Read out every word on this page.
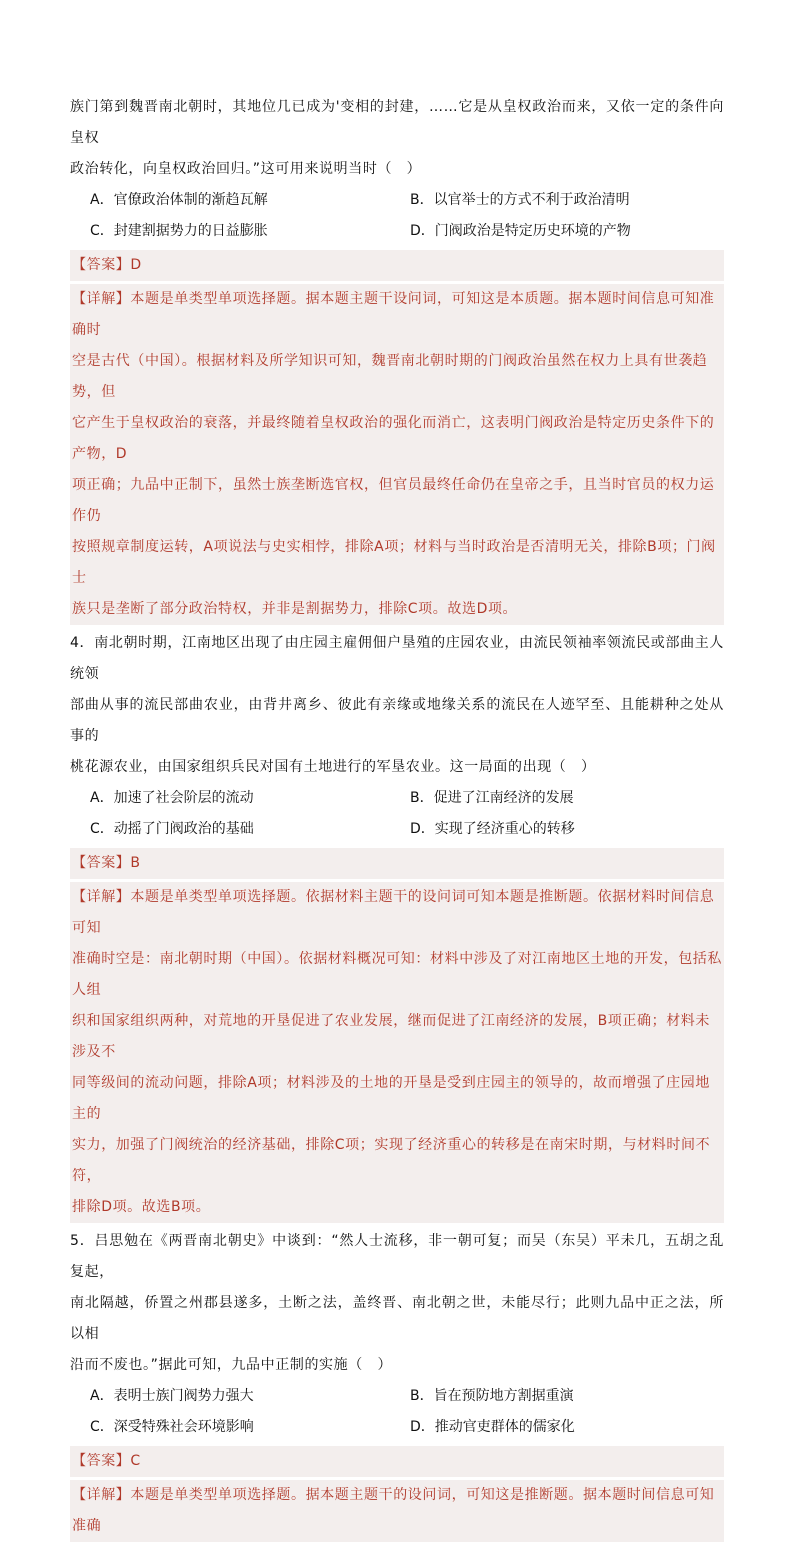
族门第到魏晋南北朝时，其地位几已成为'变相的封建，……它是从皇权政治而来，又依一定的条件向皇权

政治转化，向皇权政治回归。”这可用来说明当时（　）

A．官僚政治体制的渐趋瓦解	B．以官举士的方式不利于政治清明
C．封建割据势力的日益膨胀	D．门阀政治是特定历史环境的产物

【答案】D

【详解】本题是单类型单项选择题。据本题主题干设问词，可知这是本质题。据本题时间信息可知准确时

空是古代（中国）。根据材料及所学知识可知，魏晋南北朝时期的门阀政治虽然在权力上具有世袭趋势，但

它产生于皇权政治的衰落，并最终随着皇权政治的强化而消亡，这表明门阀政治是特定历史条件下的产物，D

项正确；九品中正制下，虽然士族垄断选官权，但官员最终任命仍在皇帝之手，且当时官员的权力运作仍

按照规章制度运转，A项说法与史实相悖，排除A项；材料与当时政治是否清明无关，排除B项；门阀士

族只是垄断了部分政治特权，并非是割据势力，排除C项。故选D项。

4．南北朝时期，江南地区出现了由庄园主雇佣佃户垦殖的庄园农业，由流民领袖率领流民或部曲主人统领

部曲从事的流民部曲农业，由背井离乡、彼此有亲缘或地缘关系的流民在人迹罕至、且能耕种之处从事的

桃花源农业，由国家组织兵民对国有土地进行的军垦农业。这一局面的出现（　）

A．加速了社会阶层的流动	B．促进了江南经济的发展
C．动摇了门阀政治的基础	D．实现了经济重心的转移

【答案】B

【详解】本题是单类型单项选择题。依据材料主题干的设问词可知本题是推断题。依据材料时间信息可知

准确时空是：南北朝时期（中国）。依据材料概况可知：材料中涉及了对江南地区土地的开发，包括私人组

织和国家组织两种，对荒地的开垦促进了农业发展，继而促进了江南经济的发展，B项正确；材料未涉及不

同等级间的流动问题，排除A项；材料涉及的土地的开垦是受到庄园主的领导的，故而增强了庄园地主的

实力，加强了门阀统治的经济基础，排除C项；实现了经济重心的转移是在南宋时期，与材料时间不符，

排除D项。故选B项。

5．吕思勉在《两晋南北朝史》中谈到：“然人士流移，非一朝可复；而吴（东吴）平未几，五胡之乱复起，

南北隔越，侨置之州郡县遂多，土断之法，盖终晋、南北朝之世，未能尽行；此则九品中正之法，所以相

沿而不废也。”据此可知，九品中正制的实施（　）

A．表明士族门阀势力强大	B．旨在预防地方割据重演
C．深受特殊社会环境影响	D．推动官吏群体的儒家化

【答案】C

【详解】本题是单类型单项选择题。据本题主题干的设问词，可知这是推断题。据本题时间信息可知准确
